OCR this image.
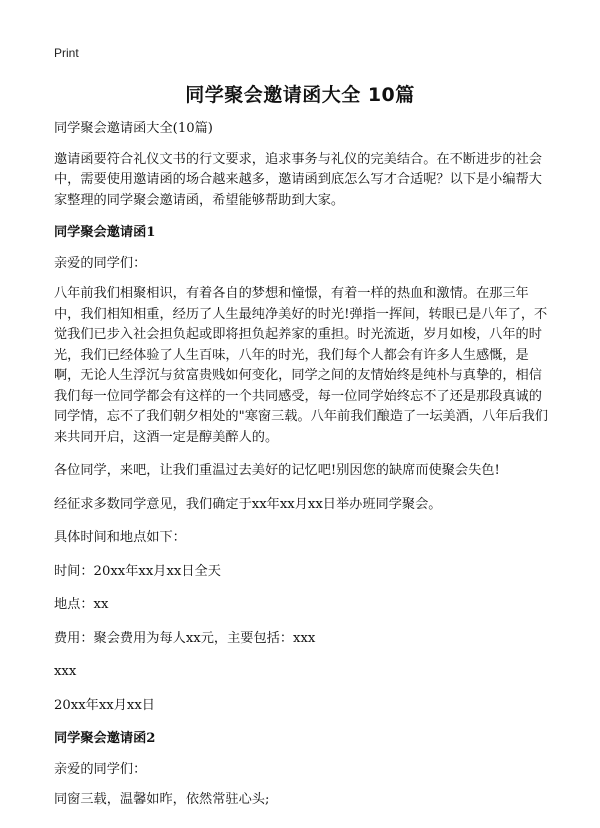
Print
同学聚会邀请函大全 10篇

同学聚会邀请函大全(10篇)

邀请函要符合礼仪文书的行文要求，追求事务与礼仪的完美结合。在不断进步的社会中，需要使用邀请函的场合越来越多，邀请函到底怎么写才合适呢？以下是小编帮大家整理的同学聚会邀请函，希望能够帮助到大家。

同学聚会邀请函1

亲爱的同学们：

八年前我们相聚相识，有着各自的梦想和憧憬，有着一样的热血和激情。在那三年中，我们相知相重，经历了人生最纯净美好的时光!弹指一挥间，转眼已是八年了，不觉我们已步入社会担负起或即将担负起养家的重担。时光流逝，岁月如梭，八年的时光，我们已经体验了人生百味，八年的时光，我们每个人都会有许多人生感慨，是啊，无论人生浮沉与贫富贵贱如何变化，同学之间的友情始终是纯朴与真挚的，相信我们每一位同学都会有这样的一个共同感受，每一位同学始终忘不了还是那段真诚的同学情，忘不了我们朝夕相处的"寒窗三载。八年前我们酿造了一坛美酒，八年后我们来共同开启，这酒一定是醇美醉人的。

各位同学，来吧，让我们重温过去美好的记忆吧!别因您的缺席而使聚会失色!

经征求多数同学意见，我们确定于xx年xx月xx日举办班同学聚会。

具体时间和地点如下：

时间：20xx年xx月xx日全天

地点：xx

费用：聚会费用为每人xx元，主要包括：xxx

xxx

20xx年xx月xx日

同学聚会邀请函2

亲爱的同学们：

同窗三载，温馨如昨，依然常驻心头;
